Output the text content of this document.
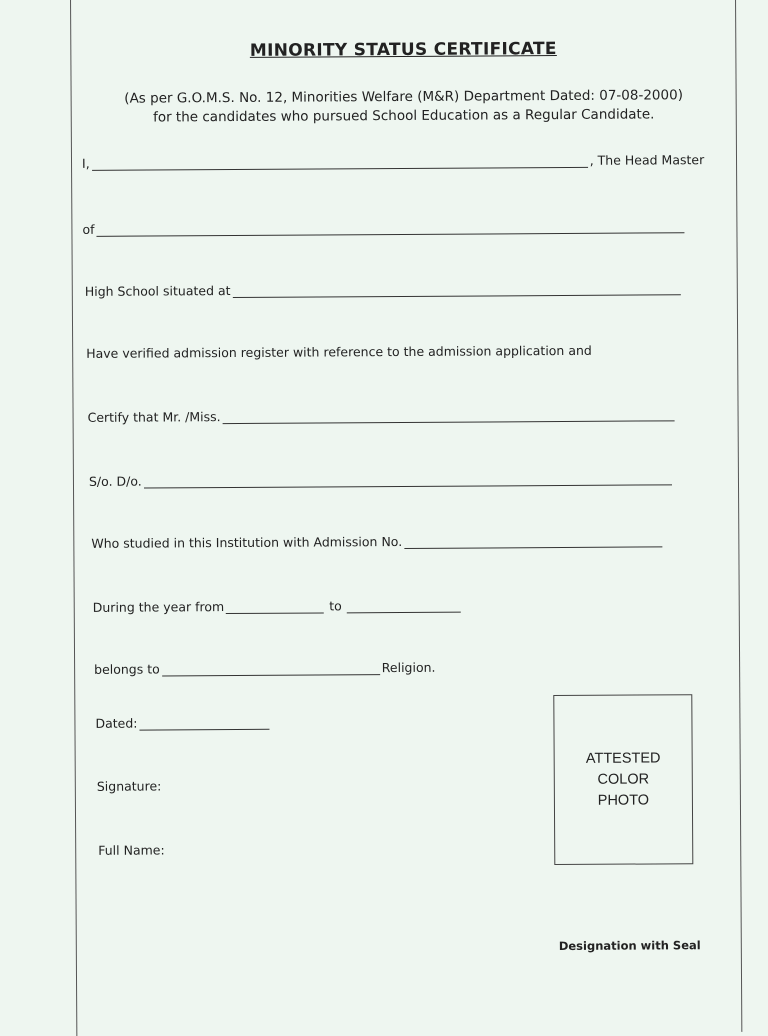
MINORITY STATUS CERTIFICATE
(As per G.O.M.S. No. 12, Minorities Welfare (M&R) Department Dated: 07-08-2000)
for the candidates who pursued School Education as a Regular Candidate.
I,	, The Head Master
of
High School situated at
Have verified admission register with reference to the admission application and
Certify that Mr. /Miss.
S/o. D/o.
Who studied in this Institution with Admission No.
During the year from	to
belongs to	Religion.
Dated:
Signature:
Full Name:
ATTESTED
COLOR
PHOTO
Designation with Seal
